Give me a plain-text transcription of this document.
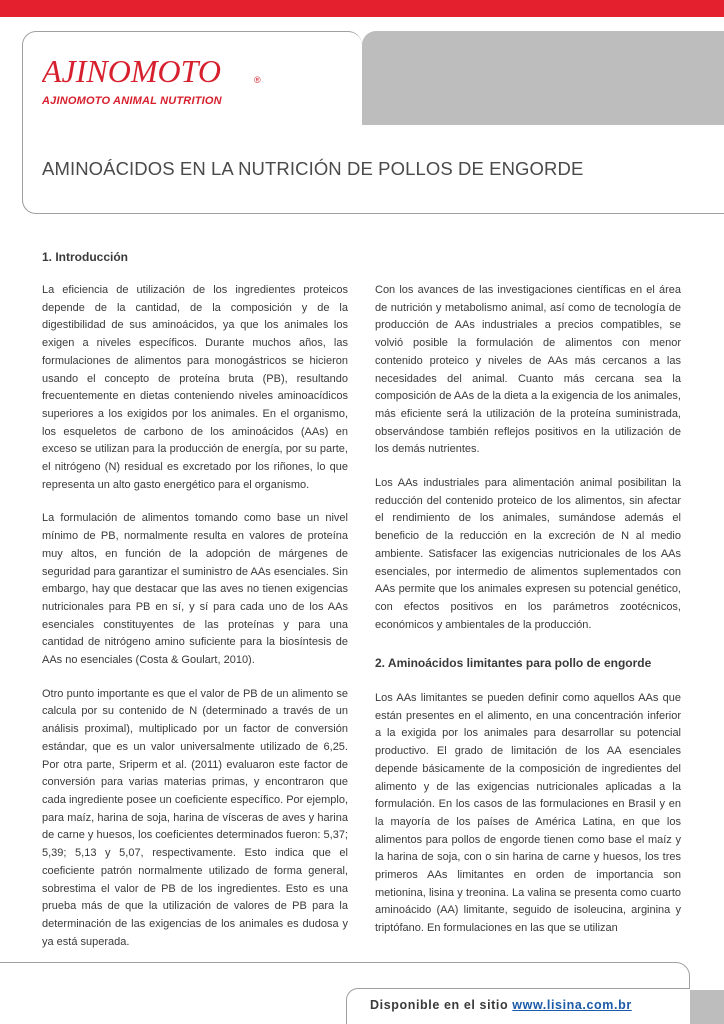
AJINOMOTO	®
AJINOMOTO ANIMAL NUTRITION
AMINOÁCIDOS EN LA NUTRICIÓN DE POLLOS DE ENGORDE
1. Introducción

La eficiencia de utilización de los ingredientes proteicos depende de la cantidad, de la composición y de la digestibilidad de sus aminoácidos, ya que los animales los exigen a niveles específicos. Durante muchos años, las formulaciones de alimentos para monogástricos se hicieron usando el concepto de proteína bruta (PB), resultando frecuentemente en dietas conteniendo niveles aminoacídicos superiores a los exigidos por los animales. En el organismo, los esqueletos de carbono de los aminoácidos (AAs) en exceso se utilizan para la producción de energía, por su parte, el nitrógeno (N) residual es excretado por los riñones, lo que representa un alto gasto energético para el organismo.

La formulación de alimentos tomando como base un nivel mínimo de PB, normalmente resulta en valores de proteína muy altos, en función de la adopción de márgenes de seguridad para garantizar el suministro de AAs esenciales. Sin embargo, hay que destacar que las aves no tienen exigencias nutricionales para PB en sí, y sí para cada uno de los AAs esenciales constituyentes de las proteínas y para una cantidad de nitrógeno amino suficiente para la biosíntesis de AAs no esenciales (Costa & Goulart, 2010).

Otro punto importante es que el valor de PB de un alimento se calcula por su contenido de N (determinado a través de un análisis proximal), multiplicado por un factor de conversión estándar, que es un valor universalmente utilizado de 6,25. Por otra parte, Sriperm et al. (2011) evaluaron este factor de conversión para varias materias primas, y encontraron que cada ingrediente posee un coeficiente específico. Por ejemplo, para maíz, harina de soja, harina de vísceras de aves y harina de carne y huesos, los coeficientes determinados fueron: 5,37; 5,39; 5,13 y 5,07, respectivamente. Esto indica que el coeficiente patrón normalmente utilizado de forma general, sobrestima el valor de PB de los ingredientes. Esto es una prueba más de que la utilización de valores de PB para la determinación de las exigencias de los animales es dudosa y ya está superada.

Con los avances de las investigaciones científicas en el área de nutrición y metabolismo animal, así como de tecnología de producción de AAs industriales a precios compatibles, se volvió posible la formulación de alimentos con menor contenido proteico y niveles de AAs más cercanos a las necesidades del animal. Cuanto más cercana sea la composición de AAs de la dieta a la exigencia de los animales, más eficiente será la utilización de la proteína suministrada, observándose también reflejos positivos en la utilización de los demás nutrientes.

Los AAs industriales para alimentación animal posibilitan la reducción del contenido proteico de los alimentos, sin afectar el rendimiento de los animales, sumándose además el beneficio de la reducción en la excreción de N al medio ambiente. Satisfacer las exigencias nutricionales de los AAs esenciales, por intermedio de alimentos suplementados con AAs permite que los animales expresen su potencial genético, con efectos positivos en los parámetros zootécnicos, económicos y ambientales de la producción.

2. Aminoácidos limitantes para pollo de engorde

Los AAs limitantes se pueden definir como aquellos AAs que están presentes en el alimento, en una concentración inferior a la exigida por los animales para desarrollar su potencial productivo. El grado de limitación de los AA esenciales depende básicamente de la composición de ingredientes del alimento y de las exigencias nutricionales aplicadas a la formulación. En los casos de las formulaciones en Brasil y en la mayoría de los países de América Latina, en que los alimentos para pollos de engorde tienen como base el maíz y la harina de soja, con o sin harina de carne y huesos, los tres primeros AAs limitantes en orden de importancia son metionina, lisina y treonina. La valina se presenta como cuarto aminoácido (AA) limitante, seguido de isoleucina, arginina y triptófano. En formulaciones en las que se utilizan

Disponible en el sitio www.lisina.com.br
